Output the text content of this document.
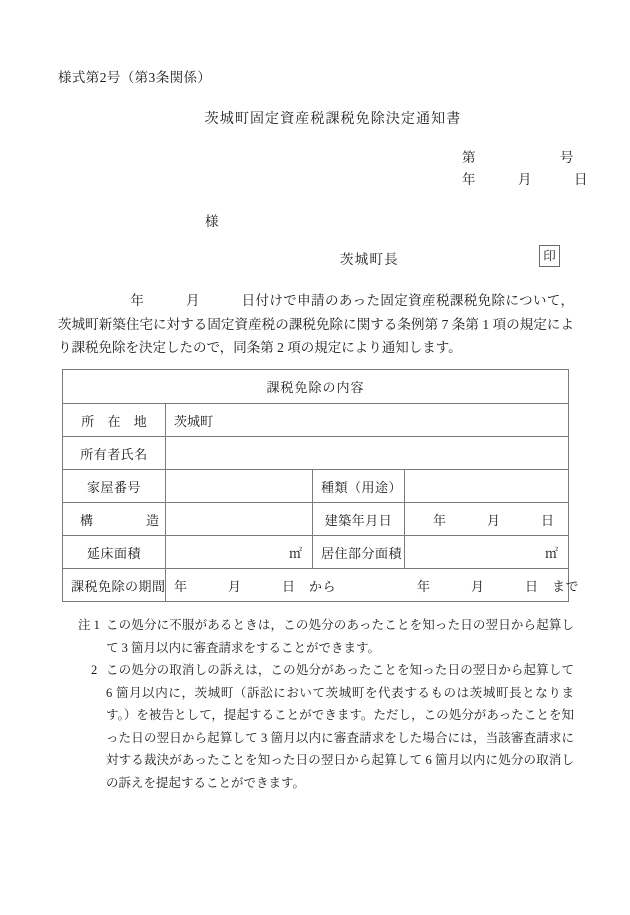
様式第2号（第3条関係）
茨城町固定資産税課税免除決定通知書
第　　　　　　号
年　　　月　　　日
様
茨城町長	印
年　　　月　　　日付けで申請のあった固定資産税課税免除について，茨城町新築住宅に対する固定資産税の課税免除に関する条例第 7 条第 1 項の規定により課税免除を決定したので，同条第 2 項の規定により通知します。
課税免除の内容			
所 在 地	茨城町		
所有者氏名			
家屋番号		種類（用途）	
構　　造		建築年月日	年　　　月　　　日
延床面積	㎡	居住部分面積	㎡
課税免除の期間	年　　　月　　　日　から　　　　　　年　　　月　　　日　まで		
注 1 この処分に不服があるときは，この処分のあったことを知った日の翌日から起算して 3 箇月以内に審査請求をすることができます。
2 この処分の取消しの訴えは，この処分があったことを知った日の翌日から起算して 6 箇月以内に，茨城町（訴訟において茨城町を代表するものは茨城町長となります。）を被告として，提起することができます。ただし，この処分があったことを知った日の翌日から起算して 3 箇月以内に審査請求をした場合には，当該審査請求に対する裁決があったことを知った日の翌日から起算して 6 箇月以内に処分の取消しの訴えを提起することができます。
